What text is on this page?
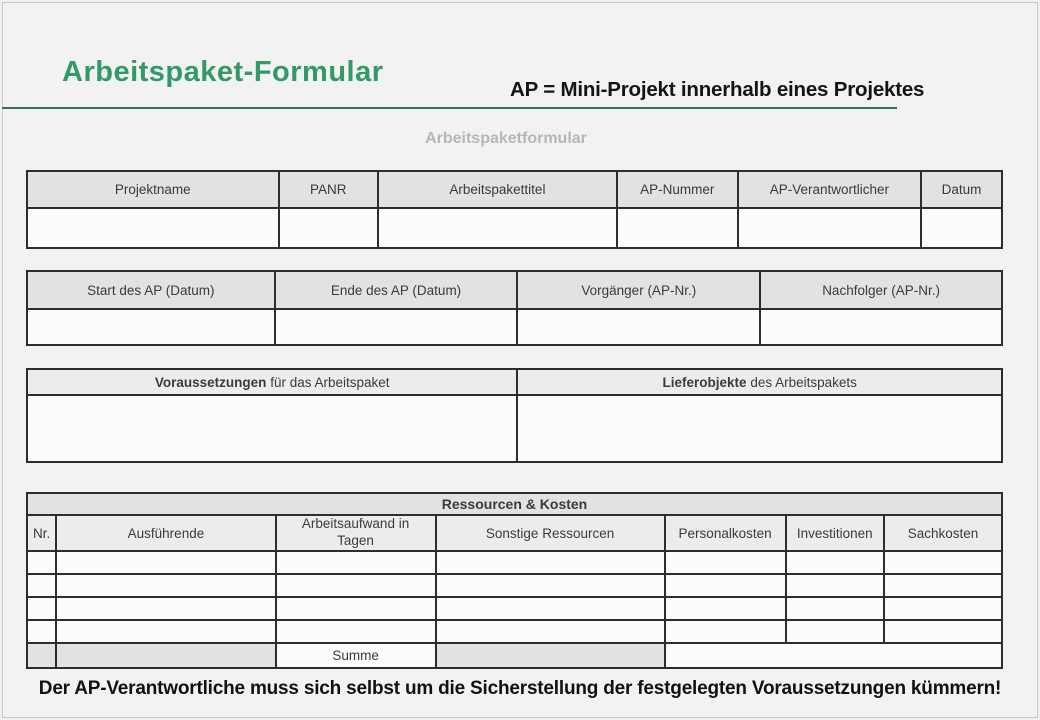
Arbeitspaket-Formular
AP = Mini-Projekt innerhalb eines Projektes
Arbeitspaketformular
Projektname	PANR	Arbeitspakettitel	AP-Nummer	AP-Verantwortlicher	Datum

Start des AP (Datum)	Ende des AP (Datum)	Vorgänger (AP-Nr.)	Nachfolger (AP-Nr.)

Voraussetzungen für das Arbeitspaket	Lieferobjekte des Arbeitspakets

Ressourcen & Kosten						
Nr.	Ausführende	Arbeitsaufwand in Tagen	Sonstige Ressourcen	Personalkosten	Investitionen	Sachkosten

		Summe				
Der AP-Verantwortliche muss sich selbst um die Sicherstellung der festgelegten Voraussetzungen kümmern!
